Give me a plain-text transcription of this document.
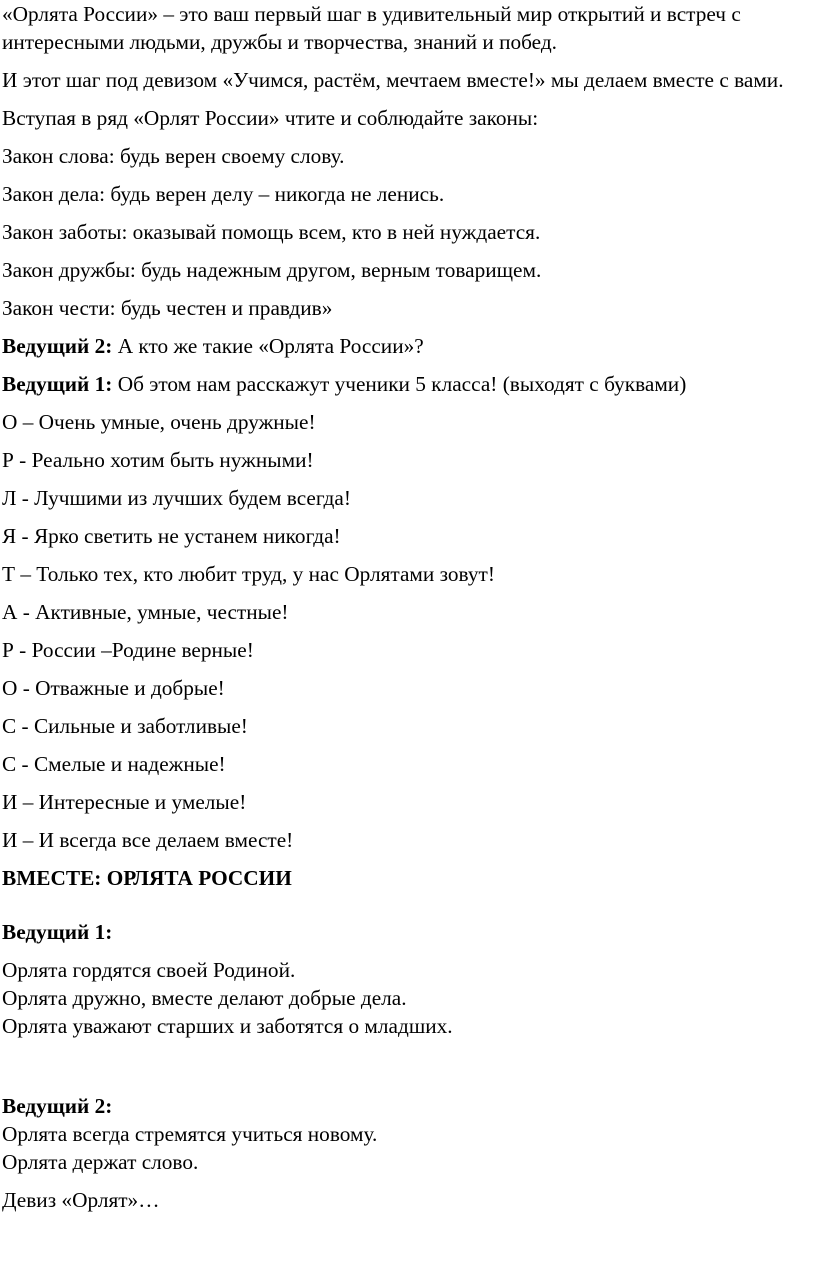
«Орлята России» – это ваш первый шаг в удивительный мир открытий и встреч с интересными людьми, дружбы и творчества, знаний и побед.

И этот шаг под девизом «Учимся, растём, мечтаем вместе!» мы делаем вместе с вами.

Вступая в ряд «Орлят России» чтите и соблюдайте законы:

Закон слова: будь верен своему слову.

Закон дела: будь верен делу – никогда не ленись.

Закон заботы: оказывай помощь всем, кто в ней нуждается.

Закон дружбы: будь надежным другом, верным товарищем.

Закон чести: будь честен и правдив»

Ведущий 2: А кто же такие «Орлята России»?

Ведущий 1: Об этом нам расскажут ученики 5 класса! (выходят с буквами)

О – Очень умные, очень дружные!

Р - Реально хотим быть нужными!

Л - Лучшими из лучших будем всегда!

Я - Ярко светить не устанем никогда!

Т – Только тех, кто любит труд, у нас Орлятами зовут!

А - Активные, умные, честные!

Р - России –Родине верные!

О - Отважные и добрые!

С - Сильные и заботливые!

С - Смелые и надежные!

И – Интересные и умелые!

И – И всегда все делаем вместе!

ВМЕСТЕ: ОРЛЯТА РОССИИ

Ведущий 1:

Орлята гордятся своей Родиной.

Орлята дружно, вместе делают добрые дела.

Орлята уважают старших и заботятся о младших.

Ведущий 2:

Орлята всегда стремятся учиться новому.

Орлята держат слово.

Девиз «Орлят»…
